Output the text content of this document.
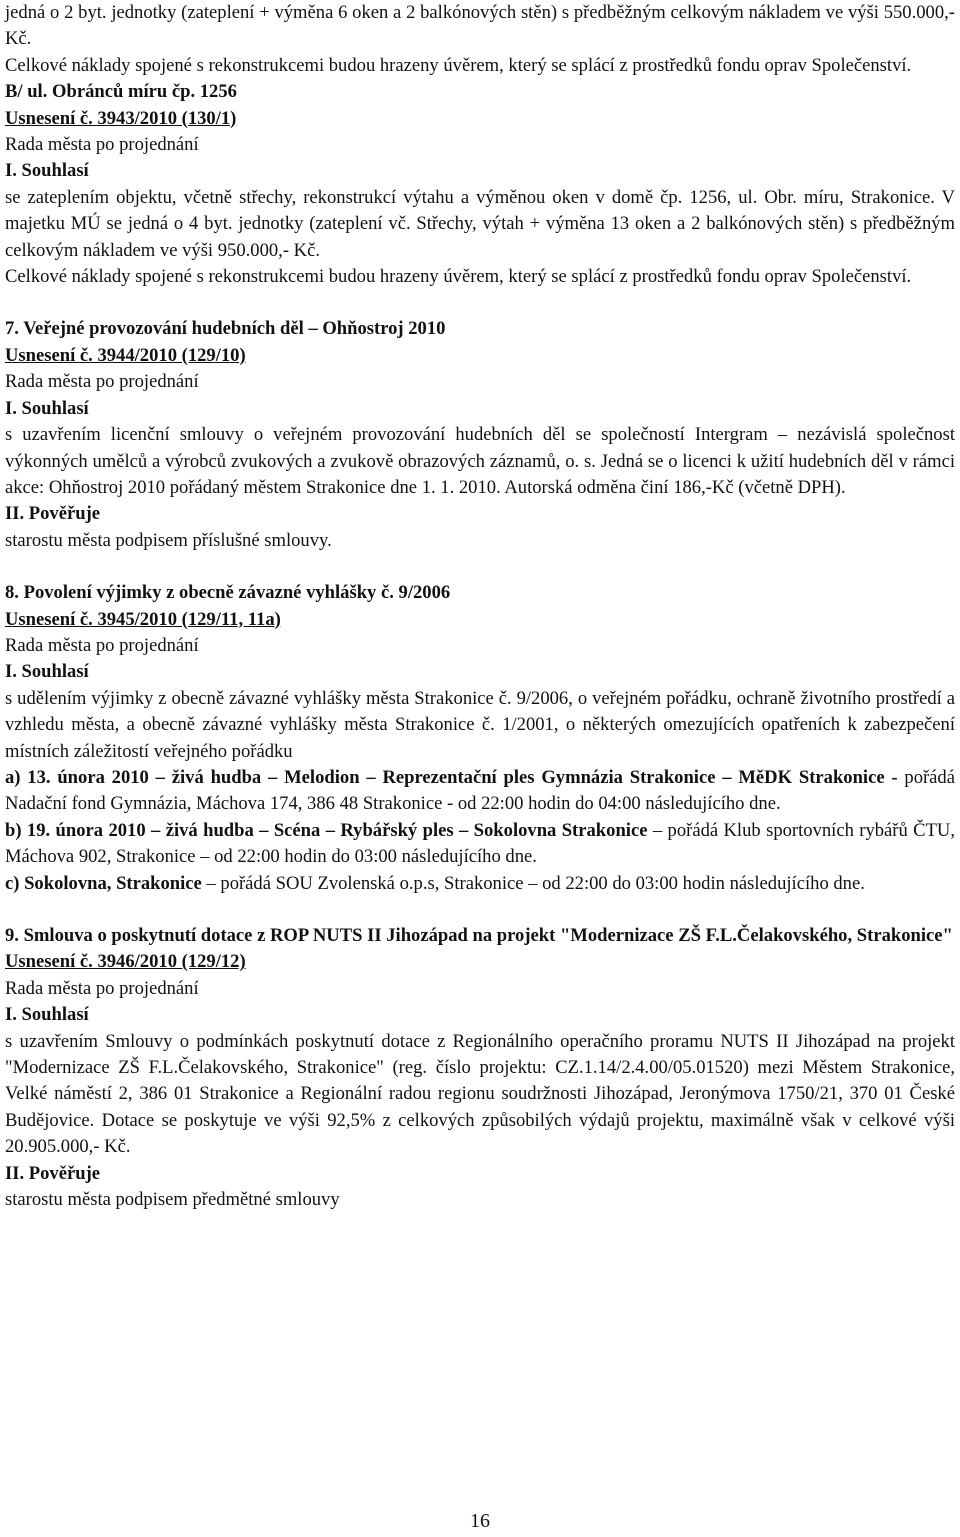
jedná o 2 byt. jednotky (zateplení + výměna 6 oken a 2 balkónových stěn) s předběžným celkovým nákladem ve výši 550.000,- Kč.

Celkové náklady spojené s rekonstrukcemi budou hrazeny úvěrem, který se splácí z prostředků fondu oprav Společenství.

B/ ul. Obránců míru čp. 1256

Usnesení č. 3943/2010 (130/1)

Rada města po projednání

I. Souhlasí

se zateplením objektu, včetně střechy, rekonstrukcí výtahu a výměnou oken v domě čp. 1256, ul. Obr. míru, Strakonice. V majetku MÚ se jedná o 4 byt. jednotky (zateplení vč. Střechy, výtah + výměna 13 oken a 2 balkónových stěn) s předběžným celkovým nákladem ve výši 950.000,- Kč.

Celkové náklady spojené s rekonstrukcemi budou hrazeny úvěrem, který se splácí z prostředků fondu oprav Společenství.

7. Veřejné provozování hudebních děl – Ohňostroj 2010

Usnesení č. 3944/2010 (129/10)

Rada města po projednání

I. Souhlasí

s uzavřením licenční smlouvy o veřejném provozování hudebních děl se společností Intergram – nezávislá společnost výkonných umělců a výrobců zvukových a zvukově obrazových záznamů, o. s. Jedná se o licenci k užití hudebních děl v rámci akce: Ohňostroj 2010 pořádaný městem Strakonice dne 1. 1. 2010. Autorská odměna činí 186,-Kč (včetně DPH).

II. Pověřuje

starostu města podpisem příslušné smlouvy.

8. Povolení výjimky z obecně závazné vyhlášky č. 9/2006

Usnesení č. 3945/2010 (129/11, 11a)

Rada města po projednání

I. Souhlasí

s udělením výjimky z obecně závazné vyhlášky města Strakonice č. 9/2006, o veřejném pořádku, ochraně životního prostředí a vzhledu města, a obecně závazné vyhlášky města Strakonice č. 1/2001, o některých omezujících opatřeních k zabezpečení místních záležitostí veřejného pořádku

a) 13. února 2010 – živá hudba – Melodion – Reprezentační ples Gymnázia Strakonice – MěDK Strakonice - pořádá Nadační fond Gymnázia, Máchova 174, 386 48 Strakonice - od 22:00 hodin do 04:00 následujícího dne.

b) 19. února 2010 – živá hudba – Scéna – Rybářský ples – Sokolovna Strakonice – pořádá Klub sportovních rybářů ČTU, Máchova 902, Strakonice – od 22:00 hodin do 03:00 následujícího dne.

c) Sokolovna, Strakonice – pořádá SOU Zvolenská o.p.s, Strakonice – od 22:00 do 03:00 hodin následujícího dne.

9. Smlouva o poskytnutí dotace z ROP NUTS II Jihozápad na projekt "Modernizace ZŠ F.L.Čelakovského, Strakonice"

Usnesení č. 3946/2010 (129/12)

Rada města po projednání

I. Souhlasí

s uzavřením Smlouvy o podmínkách poskytnutí dotace z Regionálního operačního proramu NUTS II Jihozápad na projekt "Modernizace ZŠ F.L.Čelakovského, Strakonice" (reg. číslo projektu: CZ.1.14/2.4.00/05.01520) mezi Městem Strakonice, Velké náměstí 2, 386 01 Strakonice a Regionální radou regionu soudržnosti Jihozápad, Jeronýmova 1750/21, 370 01 České Budějovice. Dotace se poskytuje ve výši 92,5% z celkových způsobilých výdajů projektu, maximálně však v celkové výši 20.905.000,- Kč.

II. Pověřuje

starostu města podpisem předmětné smlouvy

16
